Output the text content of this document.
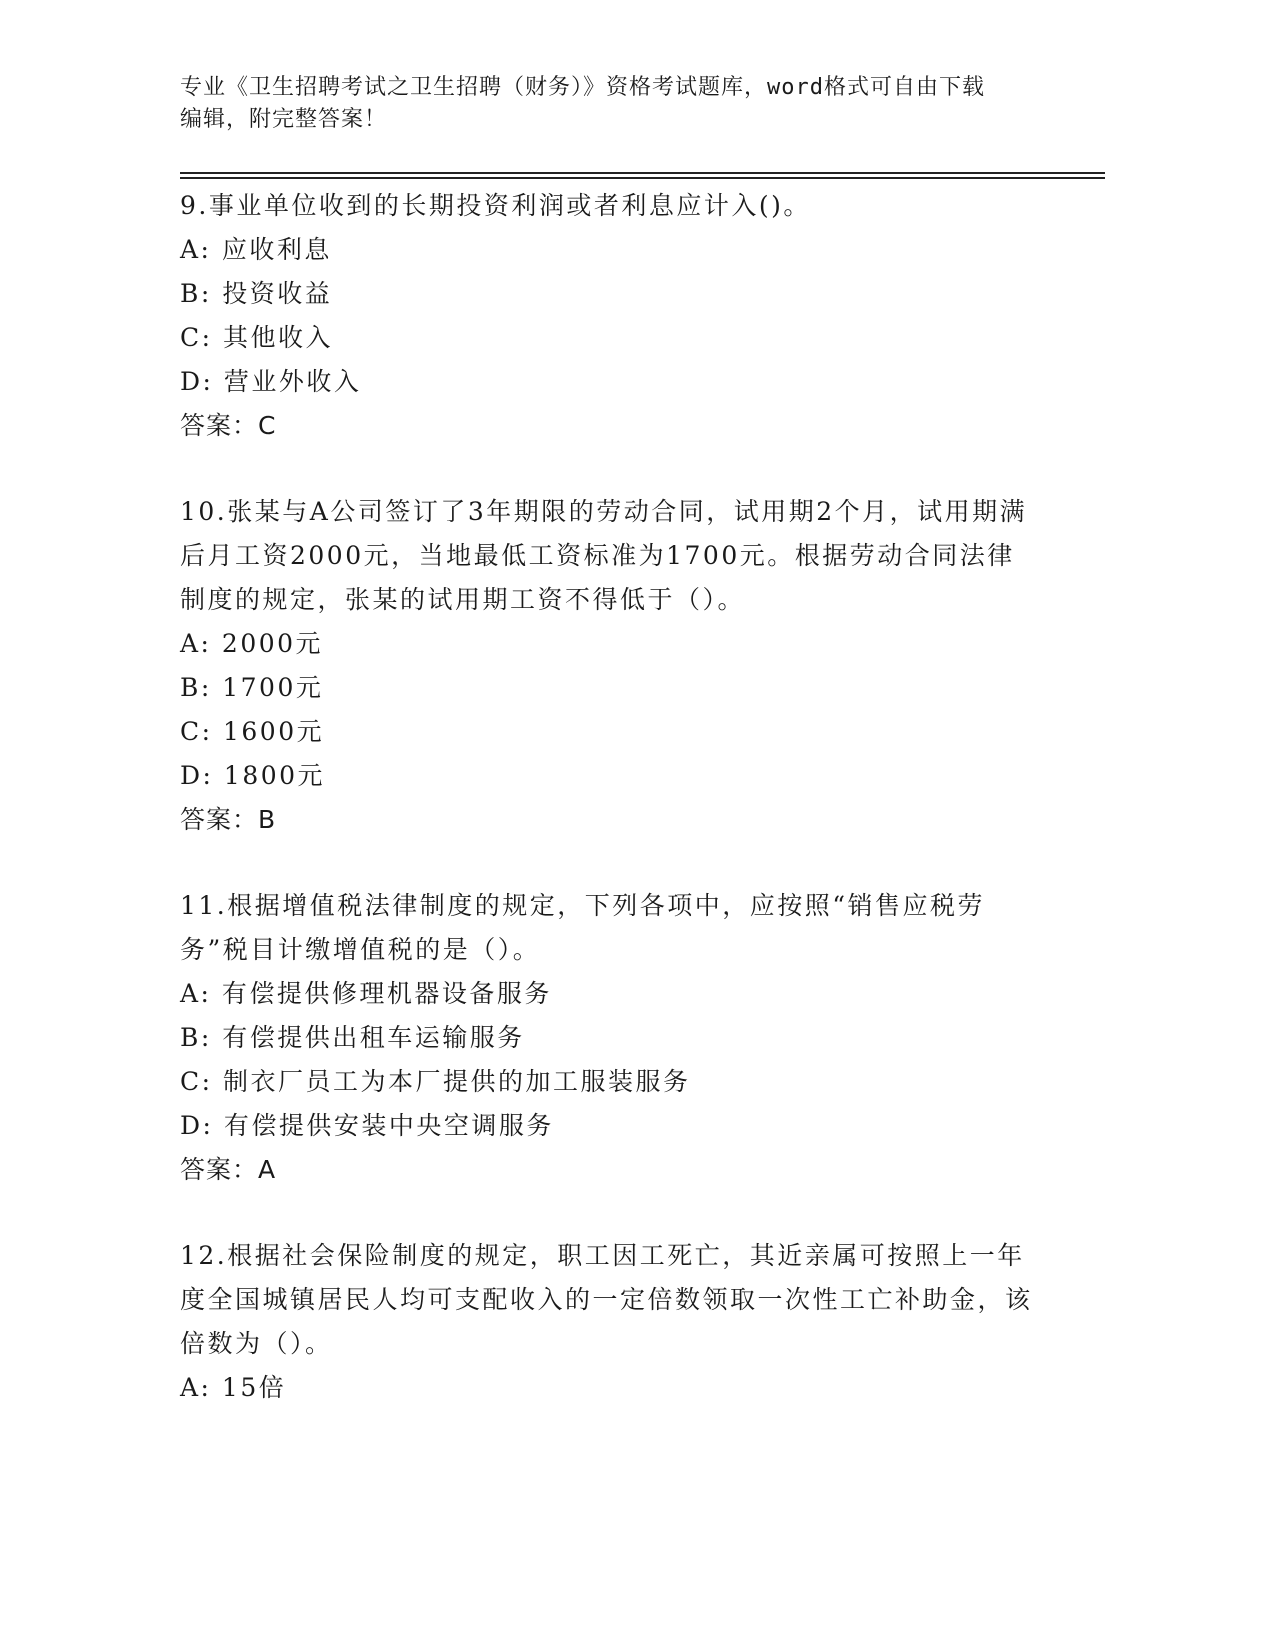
专业《卫生招聘考试之卫生招聘（财务）》资格考试题库，word格式可自由下载
编辑，附完整答案！
9.事业单位收到的长期投资利润或者利息应计入()。
A: 应收利息
B: 投资收益
C: 其他收入
D: 营业外收入
答案：C
10.张某与A公司签订了3年期限的劳动合同，试用期2个月，试用期满后月工资2000元，当地最低工资标准为1700元。根据劳动合同法律制度的规定，张某的试用期工资不得低于（）。
A: 2000元
B: 1700元
C: 1600元
D: 1800元
答案：B
11.根据增值税法律制度的规定，下列各项中，应按照“销售应税劳务”税目计缴增值税的是（）。
A: 有偿提供修理机器设备服务
B: 有偿提供出租车运输服务
C: 制衣厂员工为本厂提供的加工服装服务
D: 有偿提供安装中央空调服务
答案：A
12.根据社会保险制度的规定，职工因工死亡，其近亲属可按照上一年度全国城镇居民人均可支配收入的一定倍数领取一次性工亡补助金，该倍数为（）。
A: 15倍
